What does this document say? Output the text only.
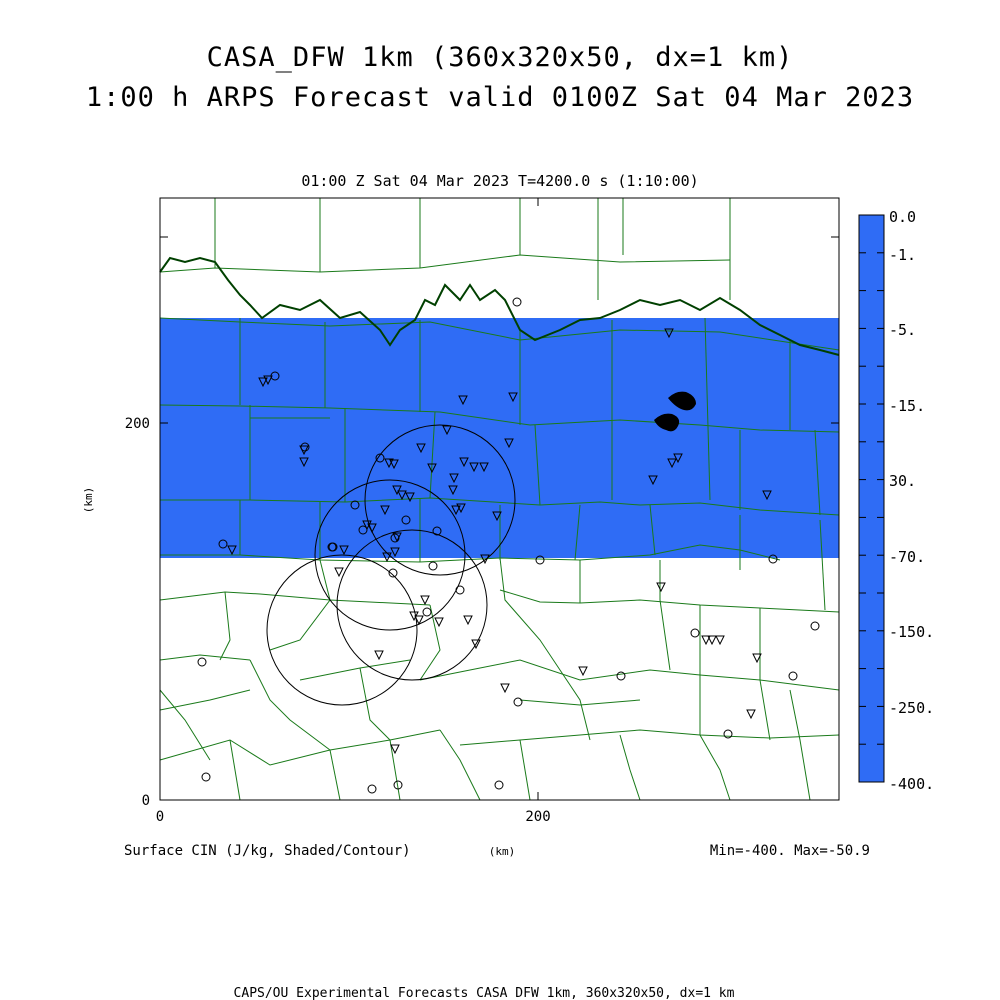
CASA_DFW 1km (360x320x50, dx=1 km)
1:00 h ARPS Forecast valid 0100Z Sat 04 Mar 2023
01:00 Z Sat 04 Mar 2023 T=4200.0 s (1:10:00)
0	200
0
200
(km)
(km)
Surface CIN (J/kg, Shaded/Contour)	Min=-400. Max=-50.9
CAPS/OU Experimental Forecasts CASA DFW 1km, 360x320x50, dx=1 km
0.0
-1.
-5.
-15.
30.
-70.
-150.
-250.
-400.
